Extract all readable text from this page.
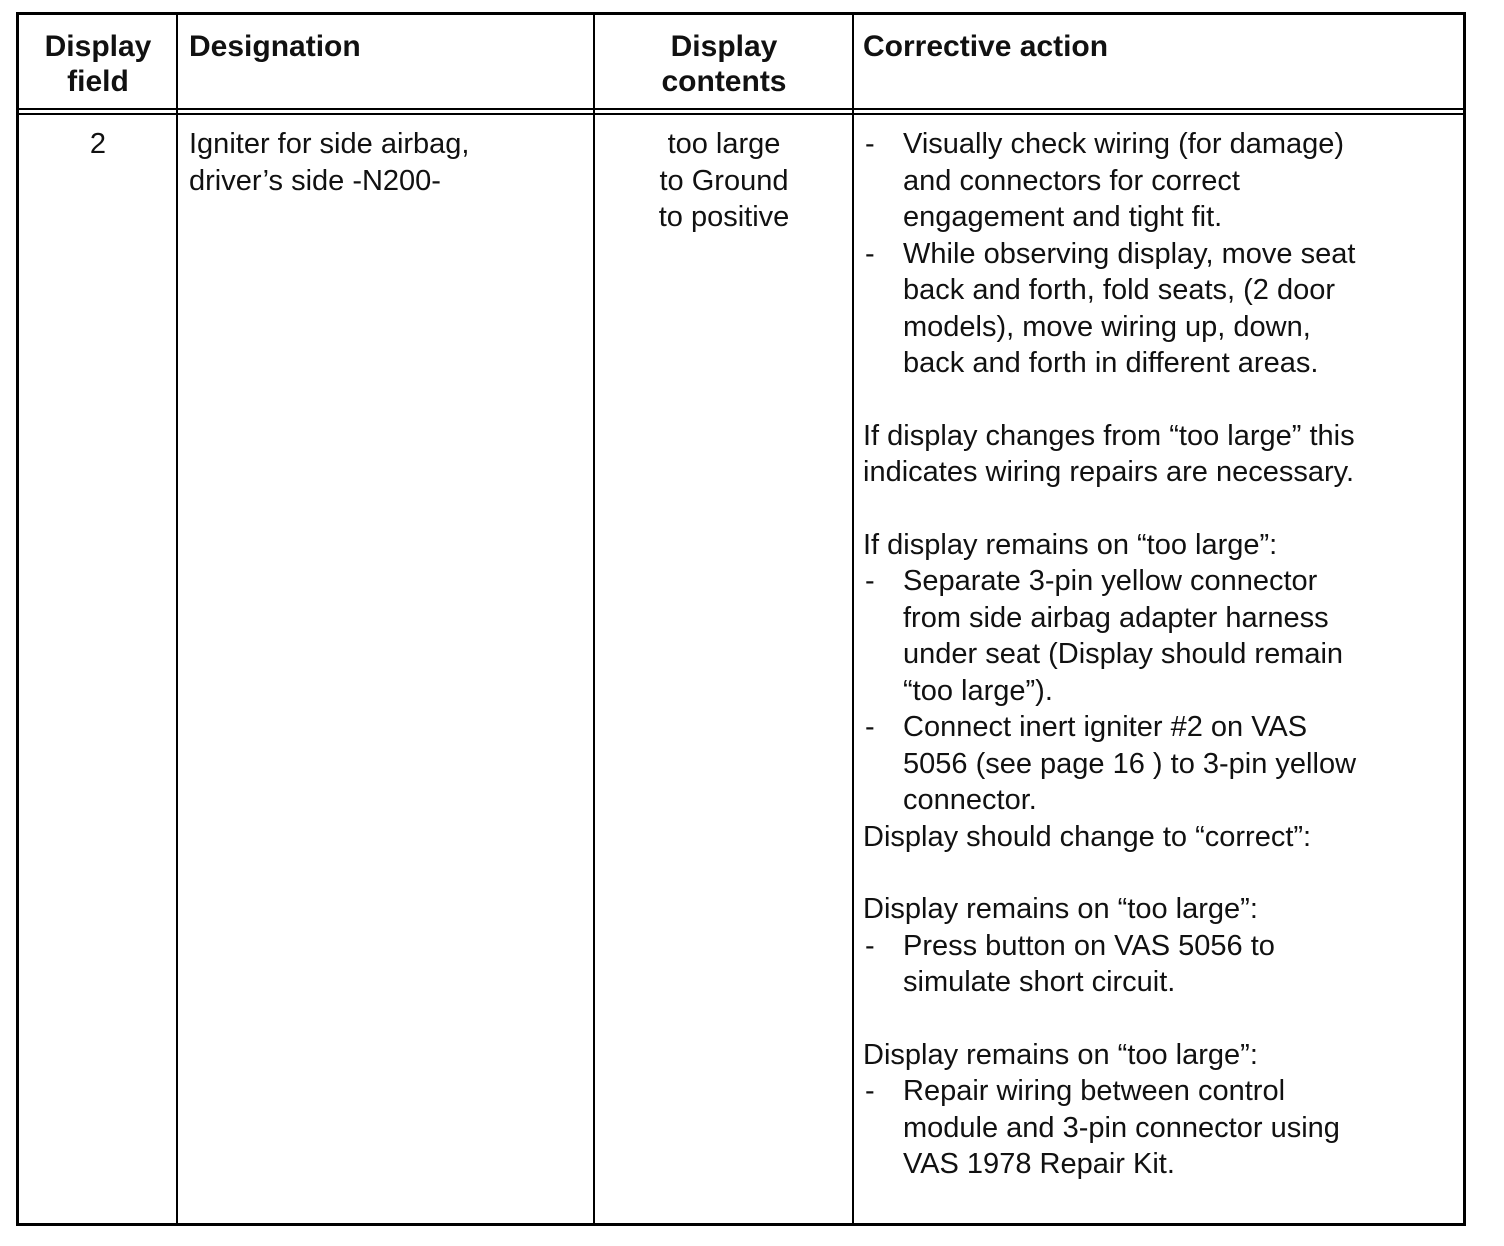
Display
field
Designation	Display
contents
Corrective action
2	Igniter for side airbag,
driver’s side -N200-
too large
to Ground
to positive
- Visually check wiring (for damage)
and connectors for correct
engagement and tight fit.
- While observing display, move seat
back and forth, fold seats, (2 door
models), move wiring up, down,
back and forth in different areas.
If display changes from “too large” this
indicates wiring repairs are necessary.
If display remains on “too large”:
- Separate 3-pin yellow connector
from side airbag adapter harness
under seat (Display should remain
“too large”).
- Connect inert igniter #2 on VAS
5056 (see page 16 ) to 3-pin yellow
connector.
Display should change to “correct”:
Display remains on “too large”:
- Press button on VAS 5056 to
simulate short circuit.
Display remains on “too large”:
- Repair wiring between control
module and 3-pin connector using
VAS 1978 Repair Kit.
